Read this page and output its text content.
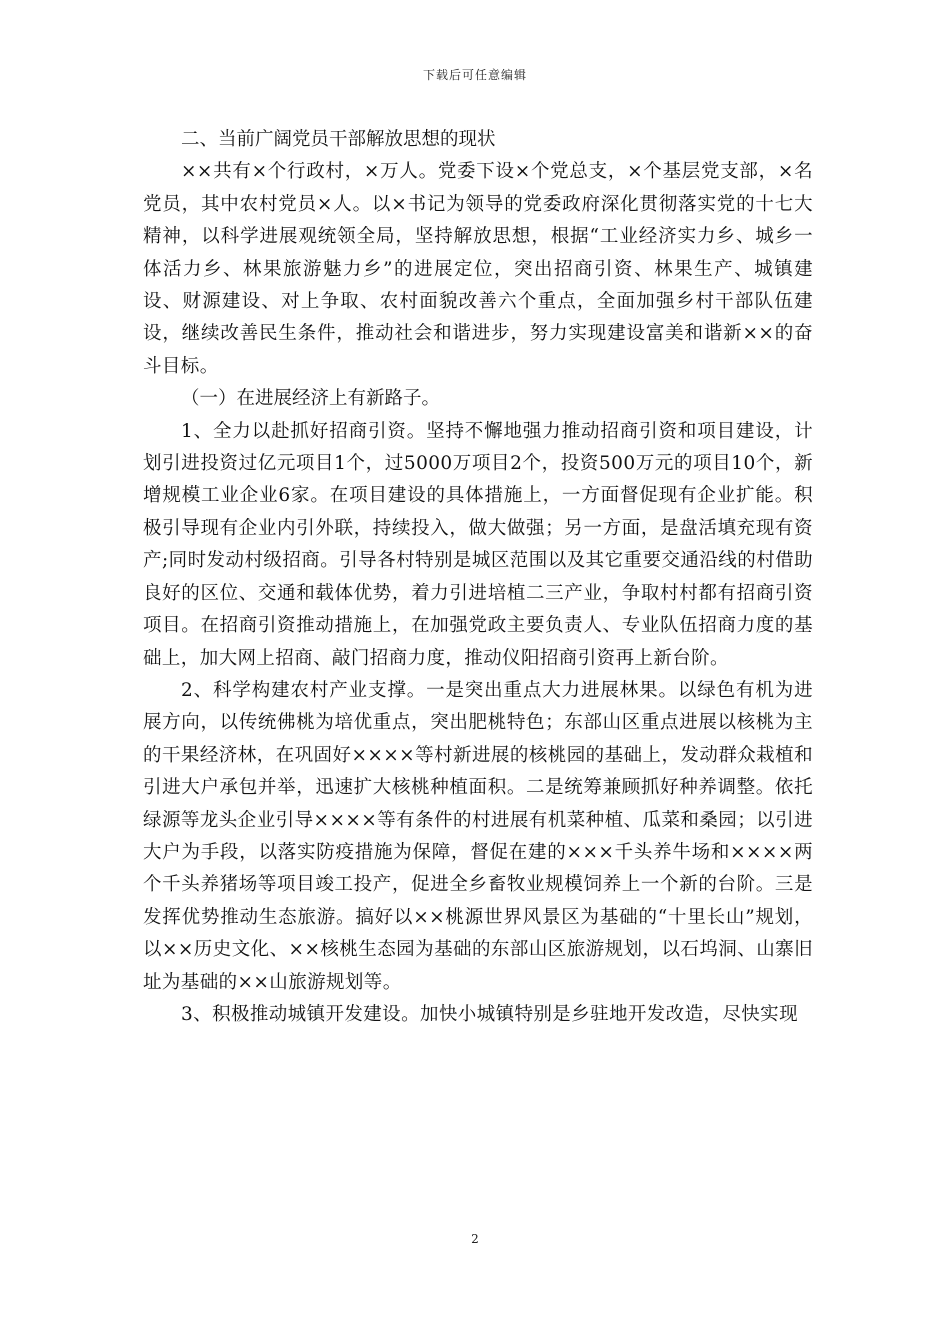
下载后可任意编辑

二、当前广阔党员干部解放思想的现状

××共有×个行政村，×万人。党委下设×个党总支，×个基层党支部，×名党员，其中农村党员×人。以×书记为领导的党委政府深化贯彻落实党的十七大精神，以科学进展观统领全局，坚持解放思想，根据“工业经济实力乡、城乡一体活力乡、林果旅游魅力乡”的进展定位，突出招商引资、林果生产、城镇建设、财源建设、对上争取、农村面貌改善六个重点，全面加强乡村干部队伍建设，继续改善民生条件，推动社会和谐进步，努力实现建设富美和谐新××的奋斗目标。

（一）在进展经济上有新路子。

1、全力以赴抓好招商引资。坚持不懈地强力推动招商引资和项目建设，计划引进投资过亿元项目1个，过5000万项目2个，投资500万元的项目10个，新增规模工业企业6家。在项目建设的具体措施上，一方面督促现有企业扩能。积极引导现有企业内引外联，持续投入，做大做强；另一方面，是盘活填充现有资产;同时发动村级招商。引导各村特别是城区范围以及其它重要交通沿线的村借助良好的区位、交通和载体优势，着力引进培植二三产业，争取村村都有招商引资项目。在招商引资推动措施上，在加强党政主要负责人、专业队伍招商力度的基础上，加大网上招商、敲门招商力度，推动仪阳招商引资再上新台阶。

2、科学构建农村产业支撑。一是突出重点大力进展林果。以绿色有机为进展方向，以传统佛桃为培优重点，突出肥桃特色；东部山区重点进展以核桃为主的干果经济林，在巩固好××××等村新进展的核桃园的基础上，发动群众栽植和引进大户承包并举，迅速扩大核桃种植面积。二是统筹兼顾抓好种养调整。依托绿源等龙头企业引导××××等有条件的村进展有机菜种植、瓜菜和桑园；以引进大户为手段，以落实防疫措施为保障，督促在建的×××千头养牛场和××××两个千头养猪场等项目竣工投产，促进全乡畜牧业规模饲养上一个新的台阶。三是发挥优势推动生态旅游。搞好以××桃源世界风景区为基础的“十里长山”规划，以××历史文化、××核桃生态园为基础的东部山区旅游规划，以石坞洞、山寨旧址为基础的××山旅游规划等。

3、积极推动城镇开发建设。加快小城镇特别是乡驻地开发改造，尽快实现

2
